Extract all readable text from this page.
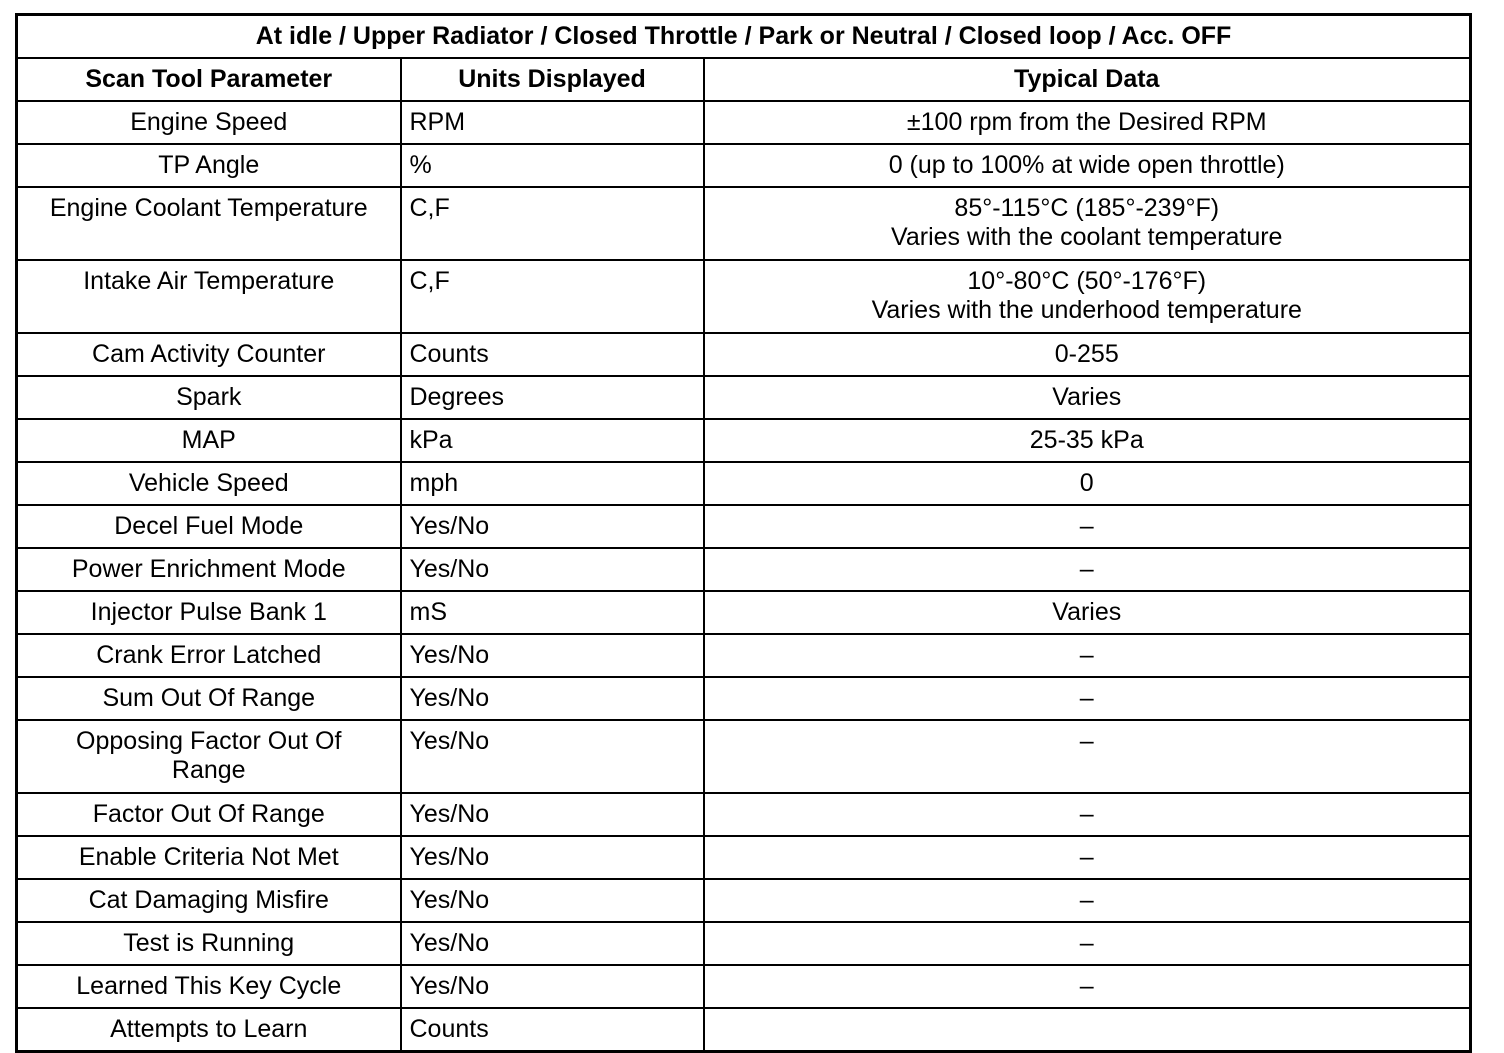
At idle / Upper Radiator / Closed Throttle / Park or Neutral / Closed loop / Acc. OFF		
Scan Tool Parameter	Units Displayed	Typical Data

Engine Speed	RPM	±100 rpm from the Desired RPM

TP Angle	%	0 (up to 100% at wide open throttle)

Engine Coolant Temperature	C,F	85°-115°C (185°-239°F)
Varies with the coolant temperature

Intake Air Temperature	C,F	10°-80°C (50°-176°F)
Varies with the underhood temperature

Cam Activity Counter	Counts	0-255

Spark	Degrees	Varies

MAP	kPa	25-35 kPa

Vehicle Speed	mph	0

Decel Fuel Mode	Yes/No	–

Power Enrichment Mode	Yes/No	–

Injector Pulse Bank 1	mS	Varies

Crank Error Latched	Yes/No	–

Sum Out Of Range	Yes/No	–

Opposing Factor Out Of
Range	Yes/No	–

Factor Out Of Range	Yes/No	–

Enable Criteria Not Met	Yes/No	–

Cat Damaging Misfire	Yes/No	–

Test is Running	Yes/No	–

Learned This Key Cycle	Yes/No	–

Attempts to Learn	Counts	
